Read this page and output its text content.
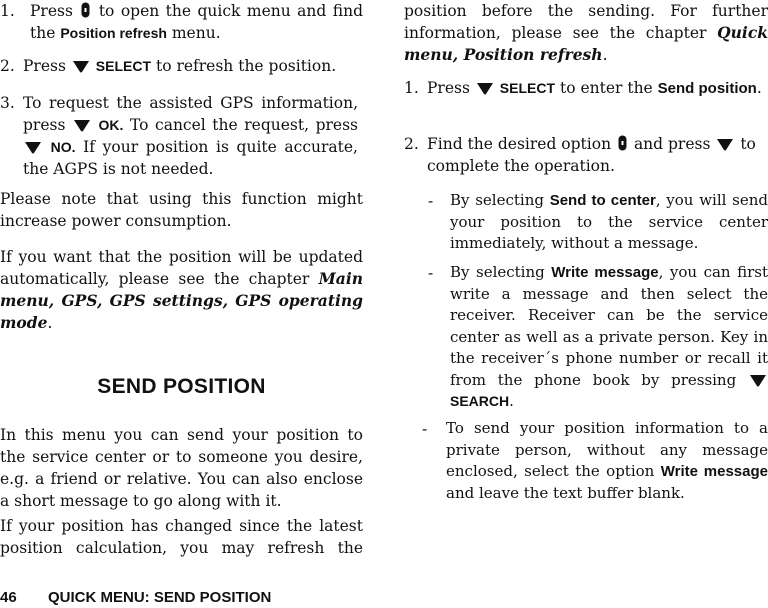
1. Press to open the quick menu and find the Position refresh menu.

2. Press SELECT to refresh the position.

3. To request the assisted GPS information, press OK. To cancel the request, press  NO. If your position is quite accurate, the AGPS is not needed.

Please note that using this function might increase power consumption.

If you want that the position will be updated automatically, please see the chapter Main menu, GPS, GPS settings, GPS operating mode.

SEND POSITION

In this menu you can send your position to the service center or to someone you desire, e.g. a friend or relative. You can also enclose a short message to go along with it.

If your position has changed since the latest position calculation, you may refresh the

position before the sending. For further information, please see the chapter Quick menu, Position refresh.

1. Press SELECT to enter the Send position.

2. Find the desired option and press to complete the operation.

- By selecting Send to center, you will send your position to the service center immediately, without a message.

- By selecting Write message, you can first write a message and then select the receiver. Receiver can be the service center as well as a private person. Key in the receiver´s phone number or recall it from the phone book by pressing  SEARCH.

- To send your position information to a private person, without any message enclosed, select the option Write message and leave the text buffer blank.

46 QUICK MENU: SEND POSITION
